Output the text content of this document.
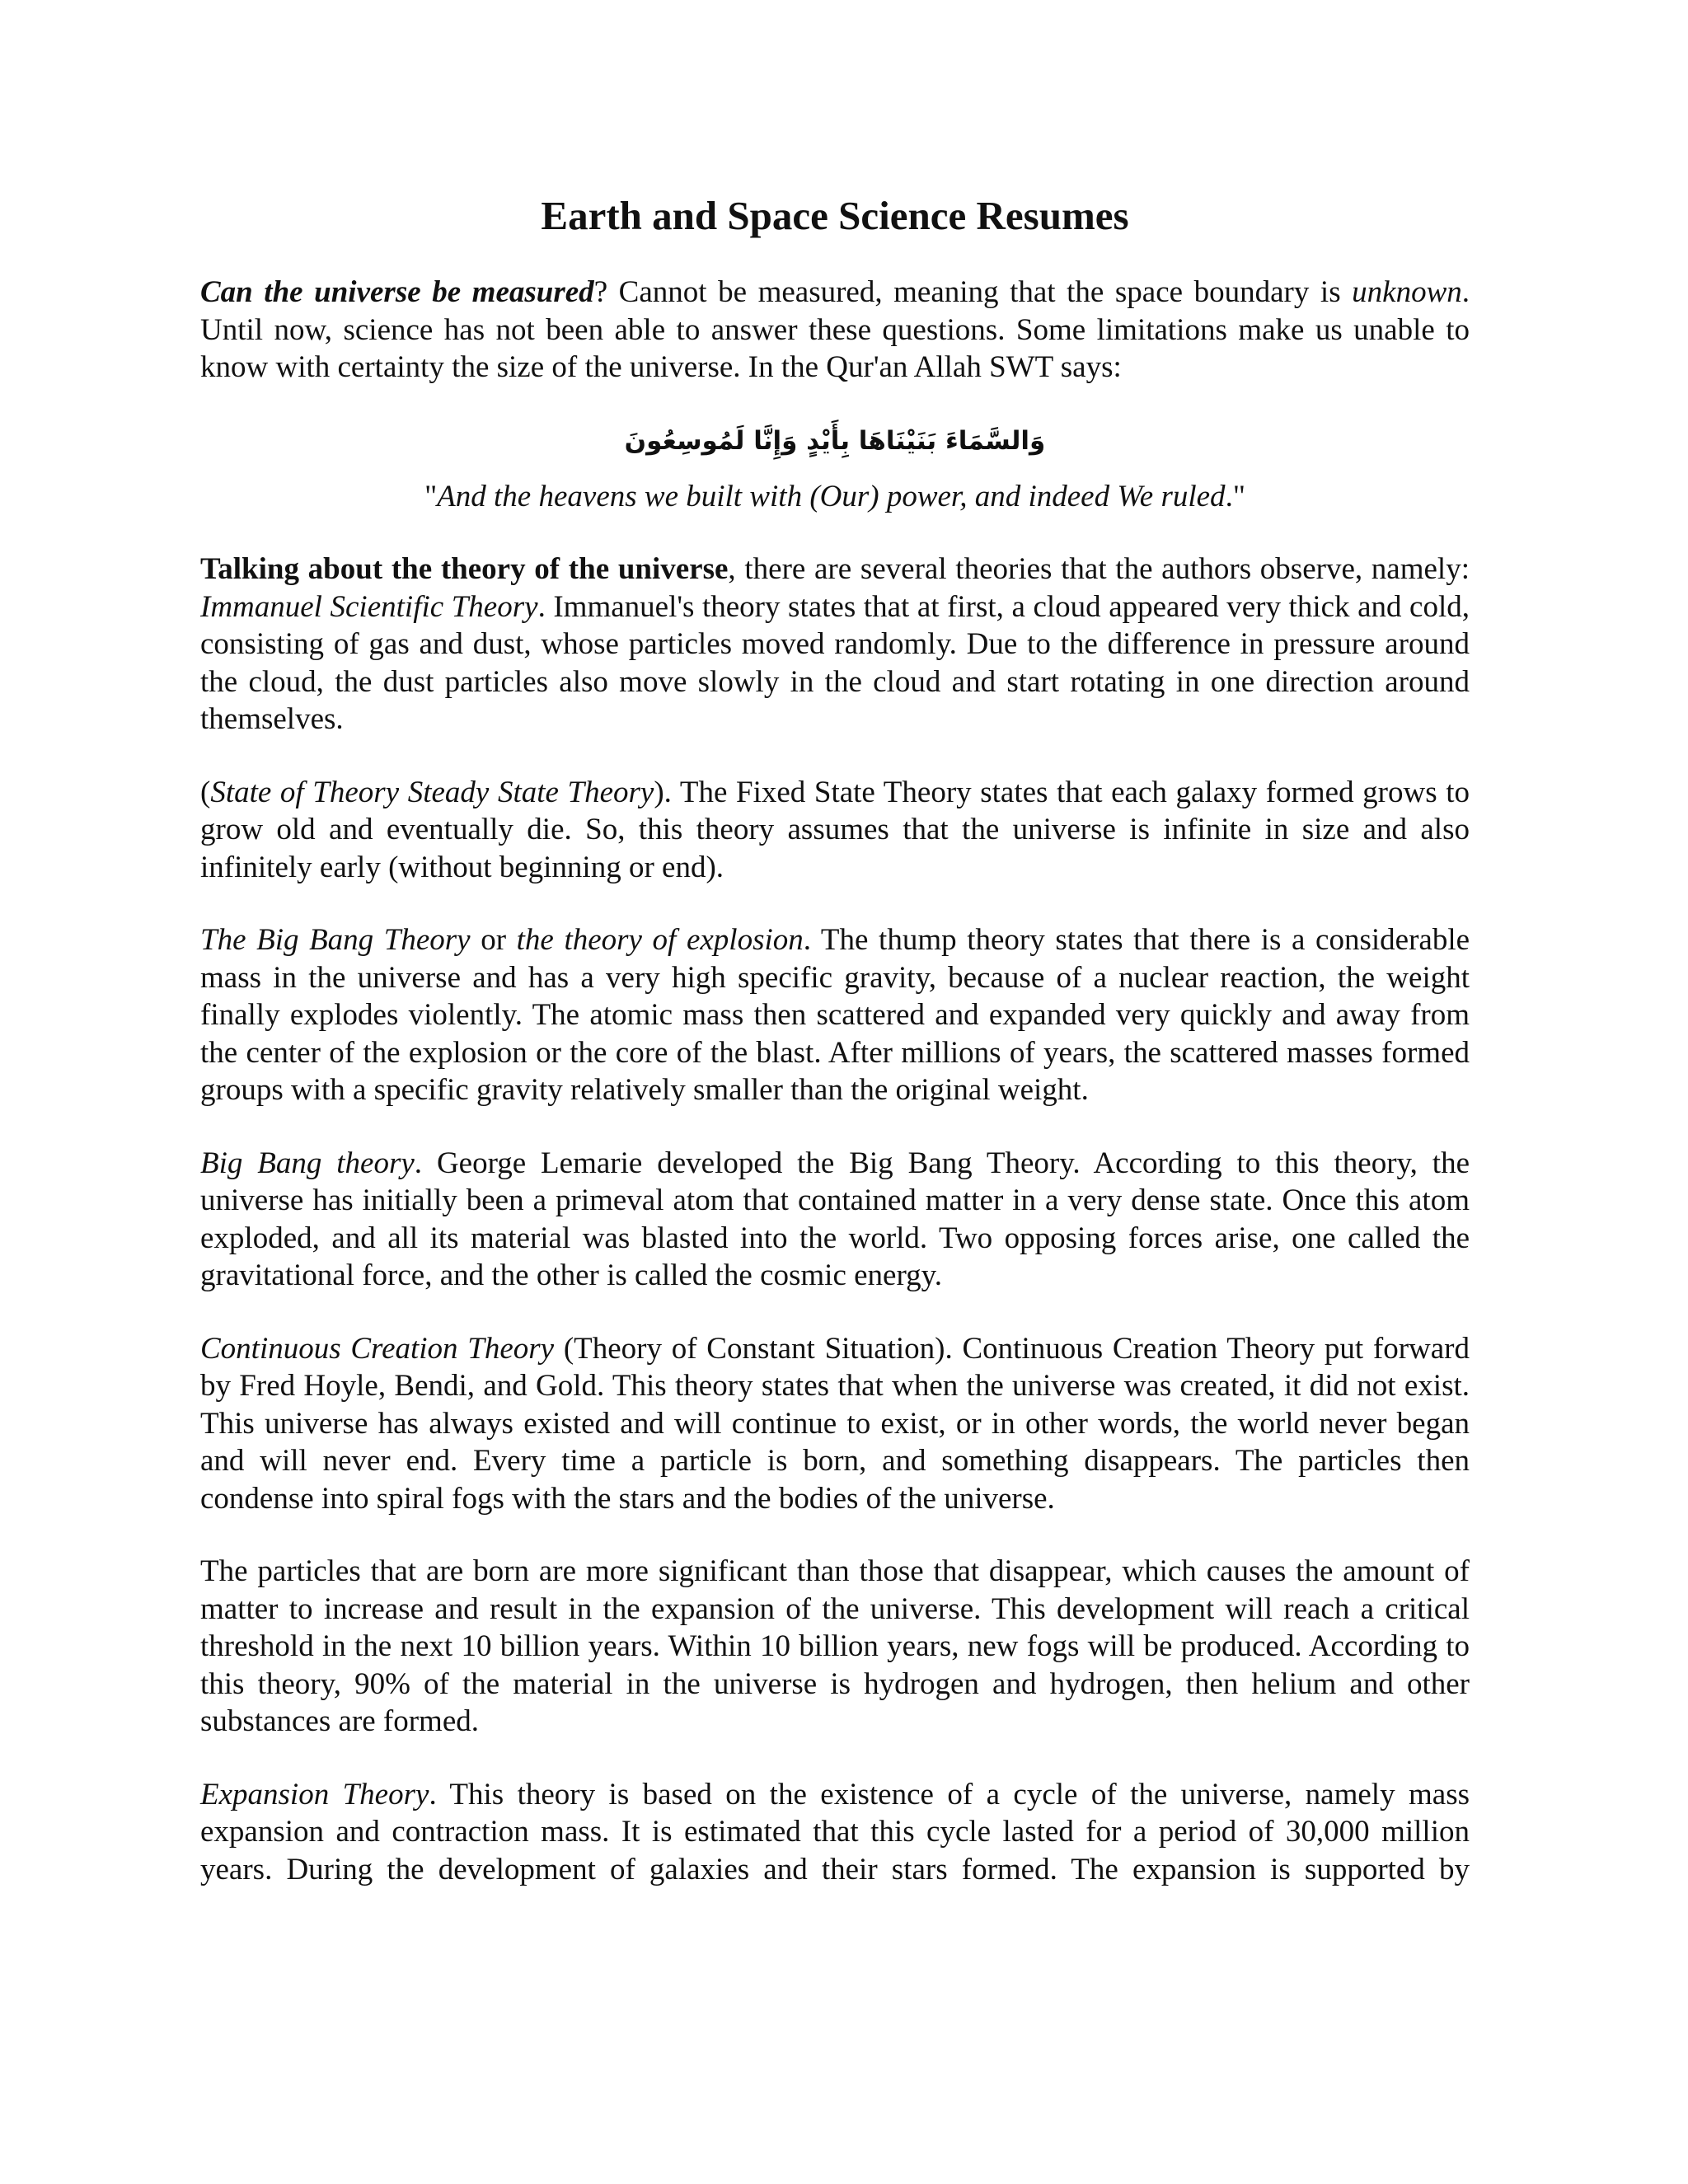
Earth and Space Science Resumes

Can the universe be measured? Cannot be measured, meaning that the space boundary is unknown. Until now, science has not been able to answer these questions. Some limitations make us unable to know with certainty the size of the universe. In the Qur'an Allah SWT says:

وَالسَّمَاءَ بَنَيْنَاهَا بِأَيْدٍ وَإِنَّا لَمُوسِعُونَ

"And the heavens we built with (Our) power, and indeed We ruled."

Talking about the theory of the universe, there are several theories that the authors observe, namely: Immanuel Scientific Theory. Immanuel's theory states that at first, a cloud appeared very thick and cold, consisting of gas and dust, whose particles moved randomly. Due to the difference in pressure around the cloud, the dust particles also move slowly in the cloud and start rotating in one direction around themselves.

(State of Theory Steady State Theory). The Fixed State Theory states that each galaxy formed grows to grow old and eventually die. So, this theory assumes that the universe is infinite in size and also infinitely early (without beginning or end).

The Big Bang Theory or the theory of explosion. The thump theory states that there is a considerable mass in the universe and has a very high specific gravity, because of a nuclear reaction, the weight finally explodes violently. The atomic mass then scattered and expanded very quickly and away from the center of the explosion or the core of the blast. After millions of years, the scattered masses formed groups with a specific gravity relatively smaller than the original weight.

Big Bang theory. George Lemarie developed the Big Bang Theory. According to this theory, the universe has initially been a primeval atom that contained matter in a very dense state. Once this atom exploded, and all its material was blasted into the world. Two opposing forces arise, one called the gravitational force, and the other is called the cosmic energy.

Continuous Creation Theory (Theory of Constant Situation). Continuous Creation Theory put forward by Fred Hoyle, Bendi, and Gold. This theory states that when the universe was created, it did not exist. This universe has always existed and will continue to exist, or in other words, the world never began and will never end. Every time a particle is born, and something disappears. The particles then condense into spiral fogs with the stars and the bodies of the universe.

The particles that are born are more significant than those that disappear, which causes the amount of matter to increase and result in the expansion of the universe. This development will reach a critical threshold in the next 10 billion years. Within 10 billion years, new fogs will be produced. According to this theory, 90% of the material in the universe is hydrogen and hydrogen, then helium and other substances are formed.

Expansion Theory. This theory is based on the existence of a cycle of the universe, namely mass expansion and contraction mass. It is estimated that this cycle lasted for a period of 30,000 million years. During the development of galaxies and their stars formed. The expansion is supported by
